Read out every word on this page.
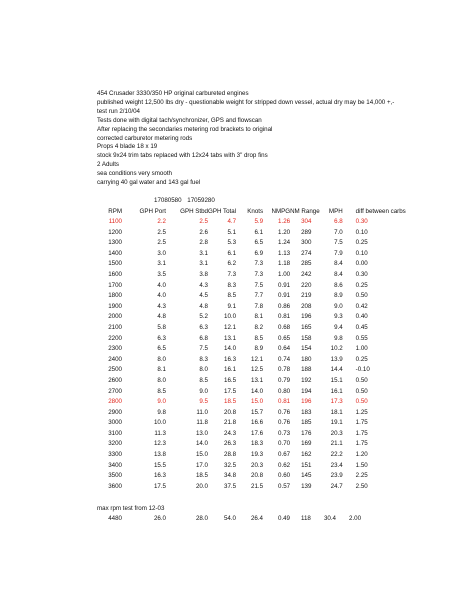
454 Crusader 3330/350 HP original carbureted engines
published weight 12,500 lbs dry - questionable weight for stripped down vessel, actual dry may be 14,000 +,-
test run 2/10/04
Tests done with digital tach/synchronizer, GPS and flowscan
After replacing the secondaries metering rod brackets to original
corrected carburetor metering rods
Props 4 blade 18 x 19
stock 9x24 trim tabs replaced with 12x24 tabs with 3" drop fins
2 Adults
sea conditions very smooth
carrying 40 gal water and 143 gal fuel
17080580 17059280
RPM	GPH Port	GPH Stbd	GPH Total	Knots	NMPG	NM Range	MPH	diff between carbs
1100	2.2	2.5	4.7	5.9	1.26	304	6.8	0.30
1200	2.5	2.6	5.1	6.1	1.20	289	7.0	0.10
1300	2.5	2.8	5.3	6.5	1.24	300	7.5	0.25
1400	3.0	3.1	6.1	6.9	1.13	274	7.9	0.10
1500	3.1	3.1	6.2	7.3	1.18	285	8.4	0.00
1600	3.5	3.8	7.3	7.3	1.00	242	8.4	0.30
1700	4.0	4.3	8.3	7.5	0.91	220	8.6	0.25
1800	4.0	4.5	8.5	7.7	0.91	219	8.9	0.50
1900	4.3	4.8	9.1	7.8	0.86	208	9.0	0.42
2000	4.8	5.2	10.0	8.1	0.81	196	9.3	0.40
2100	5.8	6.3	12.1	8.2	0.68	165	9.4	0.45
2200	6.3	6.8	13.1	8.5	0.65	158	9.8	0.55
2300	6.5	7.5	14.0	8.9	0.64	154	10.2	1.00
2400	8.0	8.3	16.3	12.1	0.74	180	13.9	0.25
2500	8.1	8.0	16.1	12.5	0.78	188	14.4	-0.10
2600	8.0	8.5	16.5	13.1	0.79	192	15.1	0.50
2700	8.5	9.0	17.5	14.0	0.80	194	16.1	0.50
2800	9.0	9.5	18.5	15.0	0.81	196	17.3	0.50
2900	9.8	11.0	20.8	15.7	0.76	183	18.1	1.25
3000	10.0	11.8	21.8	16.6	0.76	185	19.1	1.75
3100	11.3	13.0	24.3	17.6	0.73	176	20.3	1.75
3200	12.3	14.0	26.3	18.3	0.70	169	21.1	1.75
3300	13.8	15.0	28.8	19.3	0.67	162	22.2	1.20
3400	15.5	17.0	32.5	20.3	0.62	151	23.4	1.50
3500	16.3	18.5	34.8	20.8	0.60	145	23.9	2.25
3600	17.5	20.0	37.5	21.5	0.57	139	24.7	2.50
max rpm test from 12-03
4480	26.0	28.0	54.0	26.4	0.49	118	30.4	2.00
